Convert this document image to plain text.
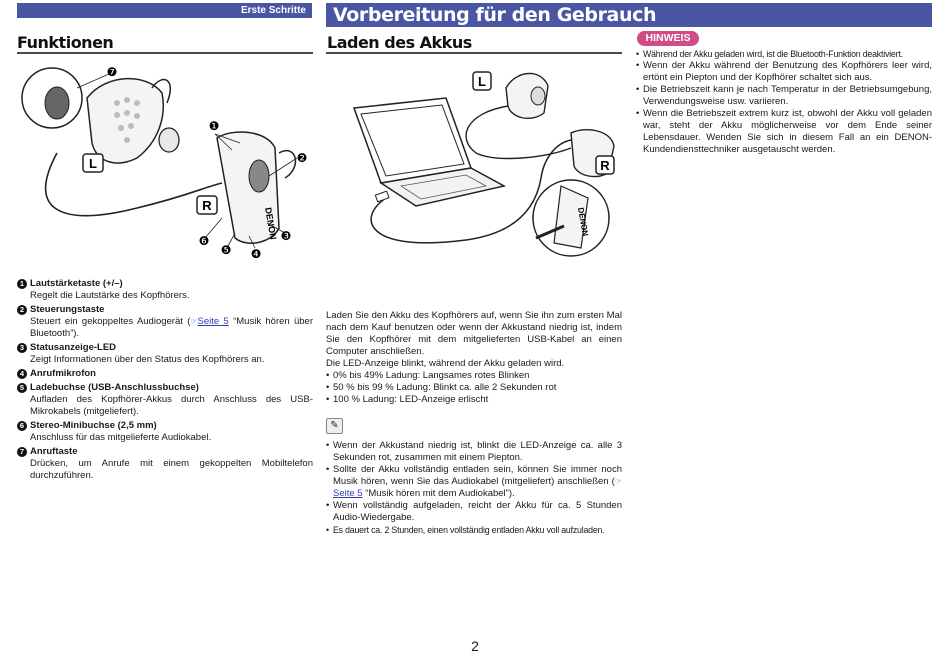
Erste Schritte	Vorbereitung für den Gebrauch
Funktionen	Laden des Akkus
DENON
L
R
❼
❶
❷
❸
❹
❺
❻
DENON
L
R
1 Lautstärketaste (+/–)
Regelt die Lautstärke des Kopfhörers.
2 Steuerungstaste
Steuert ein gekoppeltes Audiogerät (☞Seite 5 “Musik hören über Bluetooth”).
3 Statusanzeige-LED
Zeigt Informationen über den Status des Kopfhörers an.
4 Anrufmikrofon
5 Ladebuchse (USB-Anschlussbuchse)
Aufladen des Kopfhörer-Akkus durch Anschluss des USB-Mikrokabels (mitgeliefert).
6 Stereo-Minibuchse (2,5 mm)
Anschluss für das mitgelieferte Audiokabel.
7 Anruftaste
Drücken, um Anrufe mit einem gekoppelten Mobiltelefon durchzuführen.

Laden Sie den Akku des Kopfhörers auf, wenn Sie ihn zum ersten Mal nach dem Kauf benutzen oder wenn der Akkustand niedrig ist, indem Sie den Kopfhörer mit dem mitgelieferten USB-Kabel an einen Computer anschließen.

Die LED-Anzeige blinkt, während der Akku geladen wird.

• 0% bis 49% Ladung: Langsames rotes Blinken
• 50 % bis 99 % Ladung: Blinkt ca. alle 2 Sekunden rot
• 100 % Ladung: LED-Anzeige erlischt
✎
• Wenn der Akkustand niedrig ist, blinkt die LED-Anzeige ca. alle 3 Sekunden rot, zusammen mit einem Piepton.
• Sollte der Akku vollständig entladen sein, können Sie immer noch Musik hören, wenn Sie das Audiokabel (mitgeliefert) anschließen (☞Seite 5 “Musik hören mit dem Audiokabel”).
• Wenn vollständig aufgeladen, reicht der Akku für ca. 5 Stunden Audio-Wiedergabe.
• Es dauert ca. 2 Stunden, einen vollständig entladen Akku voll aufzuladen.
HINWEIS
• Während der Akku geladen wird, ist die Bluetooth-Funktion deaktiviert.
• Wenn der Akku während der Benutzung des Kopfhörers leer wird, ertönt ein Piepton und der Kopfhörer schaltet sich aus.
• Die Betriebszeit kann je nach Temperatur in der Betriebsumgebung, Verwendungsweise usw. variieren.
• Wenn die Betriebszeit extrem kurz ist, obwohl der Akku voll geladen war, steht der Akku möglicherweise vor dem Ende seiner Lebensdauer. Wenden Sie sich in diesem Fall an ein DENON-Kundendiensttechniker ausgetauscht werden.
2
